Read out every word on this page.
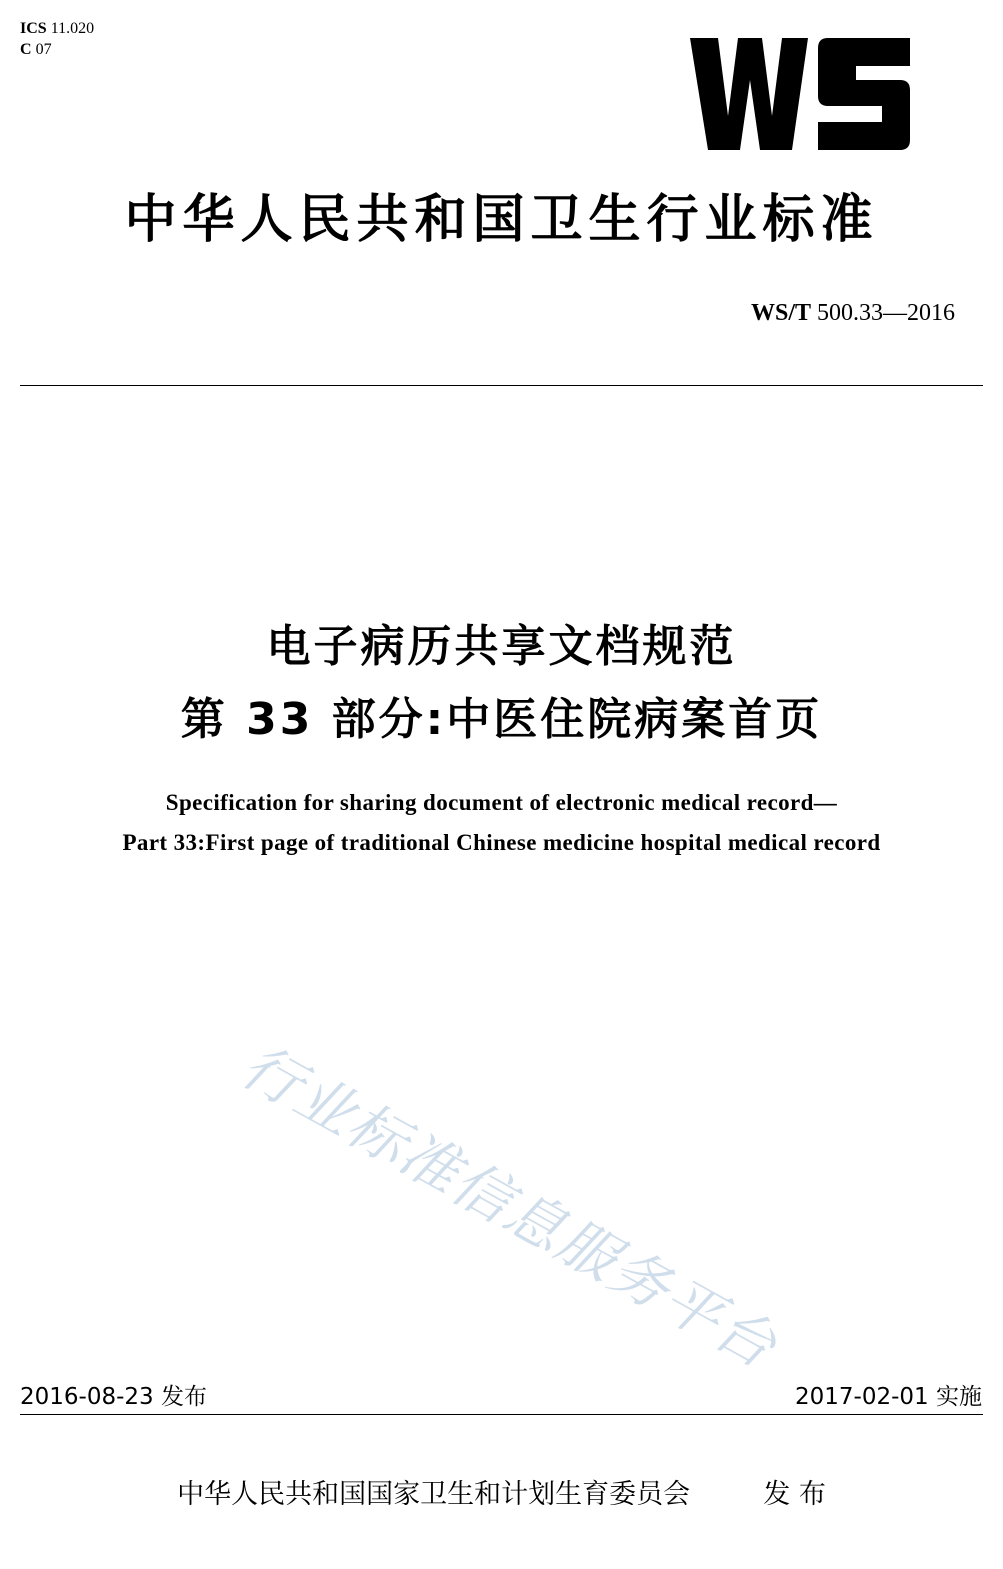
ICS 11.020
C 07
中华人民共和国卫生行业标准
WS/T 500.33—2016
电子病历共享文档规范
第 33 部分:中医住院病案首页
Specification for sharing document of electronic medical record—
Part 33:First page of traditional Chinese medicine hospital medical record
行业标准信息服务平台
2016-08-23 发布	2017-02-01 实施
中华人民共和国国家卫生和计划生育委员会	发 布
